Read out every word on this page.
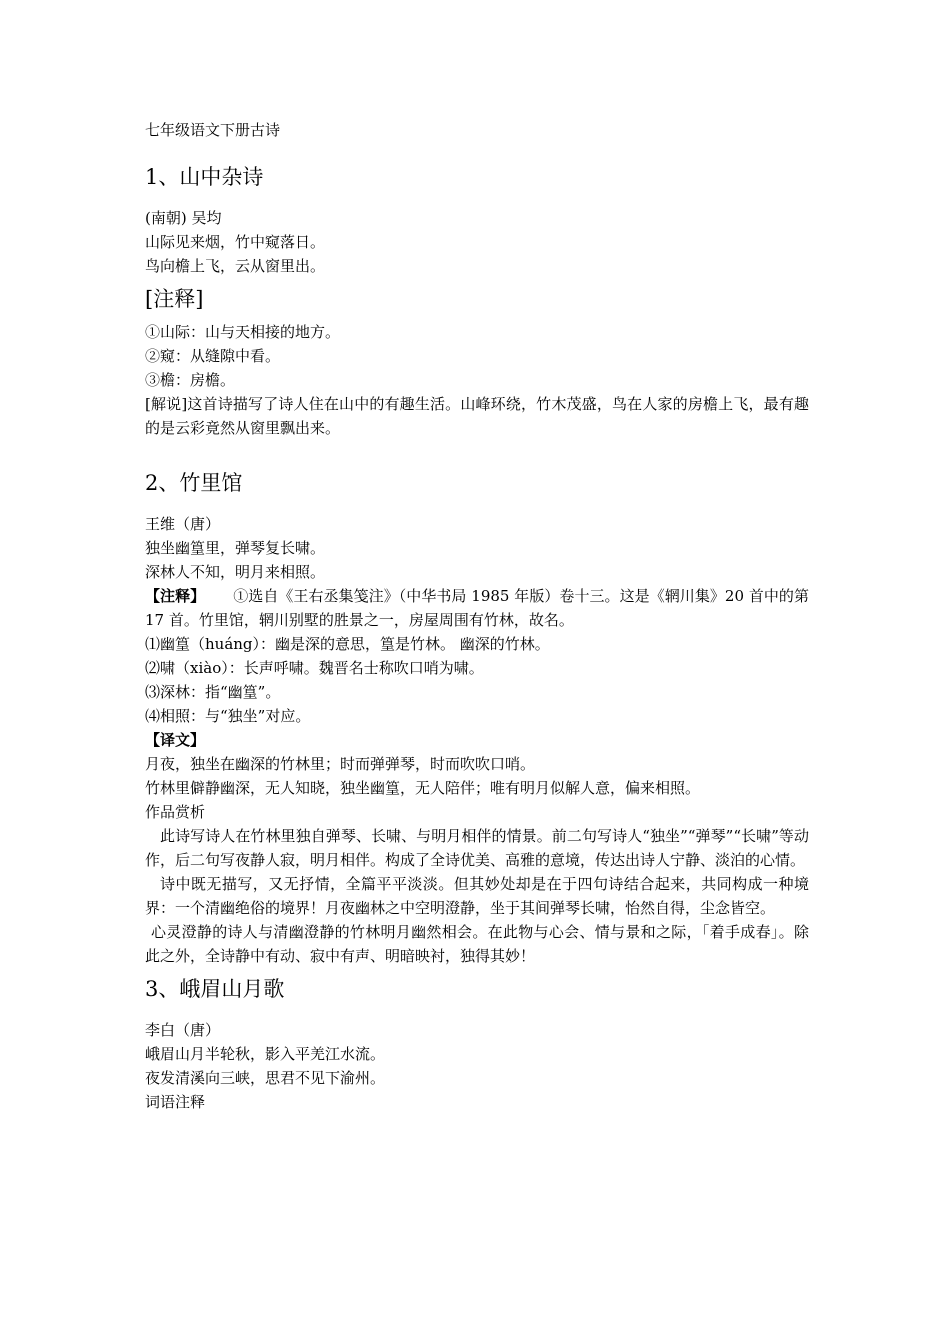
七年级语文下册古诗
1、山中杂诗
(南朝) 吴均
山际见来烟，竹中窥落日。
鸟向檐上飞，云从窗里出。
[注释]
①山际：山与天相接的地方。
②窥：从缝隙中看。
③檐：房檐。
[解说]这首诗描写了诗人住在山中的有趣生活。山峰环绕，竹木茂盛，鸟在人家的房檐上飞，最有趣的是云彩竟然从窗里飘出来。
2、竹里馆
王维（唐）
独坐幽篁里，弹琴复长啸。
深林人不知，明月来相照。
【注释】 ①选自《王右丞集笺注》（中华书局 1985 年版）卷十三。这是《辋川集》20 首中的第 17 首。竹里馆，辋川别墅的胜景之一，房屋周围有竹林，故名。
⑴幽篁（huáng）：幽是深的意思，篁是竹林。 幽深的竹林。
⑵啸（xiào）：长声呼啸。魏晋名士称吹口哨为啸。
⑶深林：指“幽篁”。
⑷相照：与“独坐”对应。
【译文】
月夜，独坐在幽深的竹林里；时而弹弹琴，时而吹吹口哨。
竹林里僻静幽深，无人知晓，独坐幽篁，无人陪伴；唯有明月似解人意，偏来相照。
作品赏析
此诗写诗人在竹林里独自弹琴、长啸、与明月相伴的情景。前二句写诗人“独坐”“弹琴”“长啸”等动作，后二句写夜静人寂，明月相伴。构成了全诗优美、高雅的意境，传达出诗人宁静、淡泊的心情。
诗中既无描写，又无抒情，全篇平平淡淡。但其妙处却是在于四句诗结合起来，共同构成一种境界：一个清幽绝俗的境界！月夜幽林之中空明澄静，坐于其间弹琴长啸，怡然自得，尘念皆空。
心灵澄静的诗人与清幽澄静的竹林明月幽然相会。在此物与心会、情与景和之际，「着手成春」。除此之外，全诗静中有动、寂中有声、明暗映衬，独得其妙！
3、峨眉山月歌
李白（唐）
峨眉山月半轮秋，影入平羌江水流。
夜发清溪向三峡，思君不见下渝州。
词语注释
